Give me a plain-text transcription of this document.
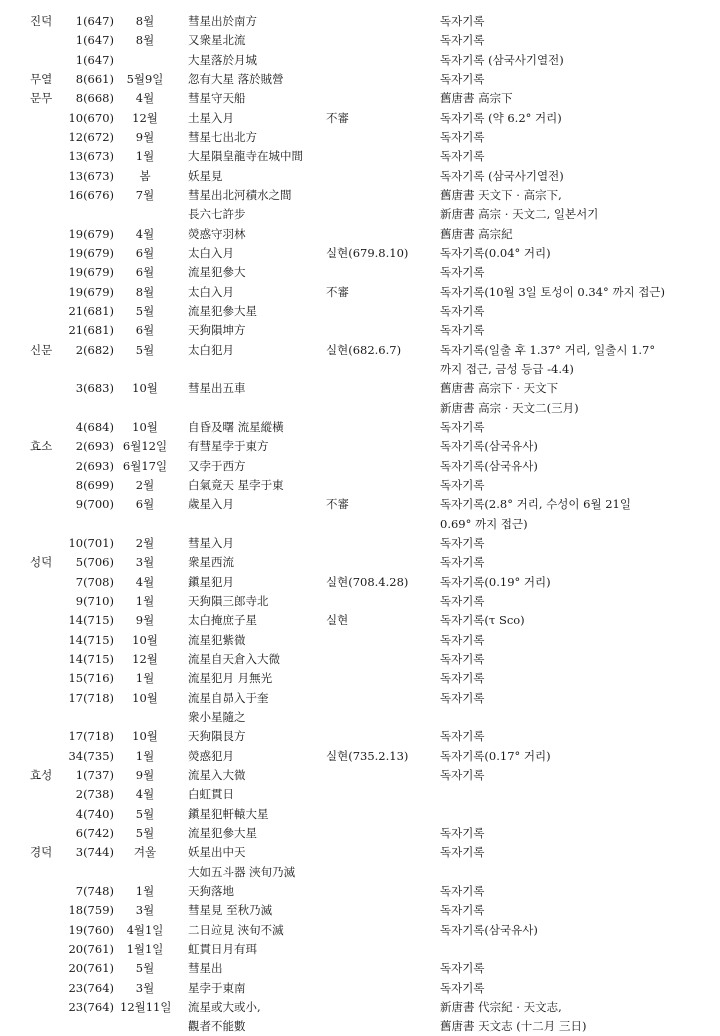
진덕	1(647)	8월	彗星出於南方	독자기록
1(647)	8월	又衆星北流	독자기록
1(647)	大星落於月城	독자기록 (삼국사기열전)
무열	8(661)	5월9일	忽有大星 落於賊營	독자기록
문무	8(668)	4월	彗星守天船	舊唐書 高宗下
10(670)	12월	土星入月	不審	독자기록 (약 6.2° 거리)
12(672)	9월	彗星七出北方	독자기록
13(673)	1월	大星隕皇龍寺在城中間	독자기록
13(673)	봄	妖星見	독자기록 (삼국사기열전)
16(676)	7월	彗星出北河積水之間	舊唐書 天文下 · 高宗下,
長六七許步	新唐書 高宗 · 天文二, 일본서기
19(679)	4월	熒惑守羽林	舊唐書 高宗紀
19(679)	6월	太白入月	실현(679.8.10)	독자기록(0.04° 거리)
19(679)	6월	流星犯參大	독자기록
19(679)	8월	太白入月	不審	독자기록(10월 3일 토성이 0.34° 까지 접근)
21(681)	5월	流星犯參大星	독자기록
21(681)	6월	天狗隕坤方	독자기록
신문	2(682)	5월	太白犯月	실현(682.6.7)	독자기록(일출 후 1.37° 거리, 일출시 1.7°
까지 접근, 금성 등급 -4.4)
3(683)	10월	彗星出五車	舊唐書 高宗下 · 天文下
新唐書 高宗 · 天文二(三月)
4(684)	10월	自昏及曙 流星縱橫	독자기록
효소	2(693) 6월12일 有彗星孛于東方	독자기록(삼국유사)
2(693) 6월17일 又孛于西方	독자기록(삼국유사)
8(699)	2월	白氣竟天 星孛于東	독자기록
9(700)	6월	歲星入月	不審	독자기록(2.8° 거리, 수성이 6월 21일
0.69° 까지 접근)
10(701)	2월	彗星入月	독자기록
성덕	5(706)	3월	衆星西流	독자기록
7(708)	4월	鎭星犯月	실현(708.4.28)	독자기록(0.19° 거리)
9(710)	1월	天狗隕三郎寺北	독자기록
14(715)	9월	太白掩庶子星	실현	독자기록(τ Sco)
14(715)	10월	流星犯紫微	독자기록
14(715)	12월	流星自天倉入大微	독자기록
15(716)	1월	流星犯月 月無光	독자기록
17(718)	10월	流星自昴入于奎	독자기록
衆小星隨之
17(718)	10월	天狗隕艮方	독자기록
34(735)	1월	熒惑犯月	실현(735.2.13)	독자기록(0.17° 거리)
효성	1(737)	9월	流星入大微	독자기록
2(738)	4월	白虹貫日
4(740)	5월	鎭星犯軒轅大星
6(742)	5월	流星犯參大星	독자기록
경덕	3(744)	겨울	妖星出中天	독자기록
大如五斗器 浹旬乃滅
7(748)	1월	天狗落地	독자기록
18(759)	3월	彗星見 至秋乃滅	독자기록
19(760)	4월1일	二日竝見 浹旬不滅	독자기록(삼국유사)
20(761)	1월1일	虹貫日月有珥
20(761)	5월	彗星出	독자기록
23(764)	3월	星孛于東南	독자기록
23(764) 12월11일 流星或大或小,	新唐書 代宗紀 · 天文志,
觀者不能數	舊唐書 天文志 (十二月 三日)
